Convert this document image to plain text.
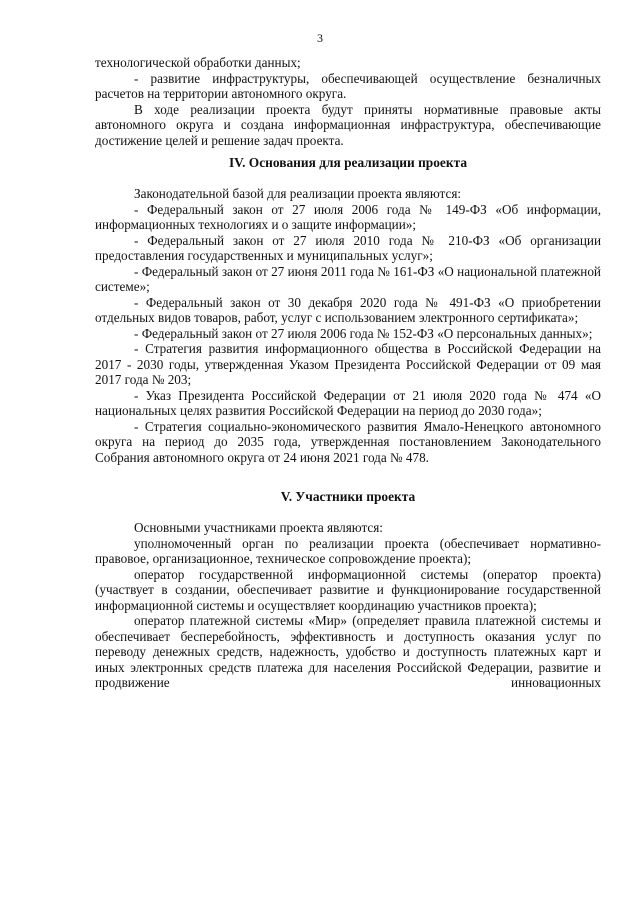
3

технологической обработки данных;

- развитие инфраструктуры, обеспечивающей осуществление безналичных расчетов на территории автономного округа.

В ходе реализации проекта будут приняты нормативные правовые акты автономного округа и создана информационная инфраструктура, обеспечивающие достижение целей и решение задач проекта.

IV. Основания для реализации проекта

Законодательной базой для реализации проекта являются:

- Федеральный закон от 27 июля 2006 года № 149-ФЗ «Об информации, информационных технологиях и о защите информации»;

- Федеральный закон от 27 июля 2010 года № 210-ФЗ «Об организации предоставления государственных и муниципальных услуг»;

- Федеральный закон от 27 июня 2011 года № 161-ФЗ «О национальной платежной системе»;

- Федеральный закон от 30 декабря 2020 года № 491-ФЗ «О приобретении отдельных видов товаров, работ, услуг с использованием электронного сертификата»;

- Федеральный закон от 27 июля 2006 года № 152-ФЗ «О персональных данных»;

- Стратегия развития информационного общества в Российской Федерации на 2017 - 2030 годы, утвержденная Указом Президента Российской Федерации от 09 мая 2017 года № 203;

- Указ Президента Российской Федерации от 21 июля 2020 года № 474 «О национальных целях развития Российской Федерации на период до 2030 года»;

- Стратегия социально-экономического развития Ямало-Ненецкого автономного округа на период до 2035 года, утвержденная постановлением Законодательного Собрания автономного округа от 24 июня 2021 года № 478.

V. Участники проекта

Основными участниками проекта являются:

уполномоченный орган по реализации проекта (обеспечивает нормативно-правовое, организационное, техническое сопровождение проекта);

оператор государственной информационной системы (оператор проекта) (участвует в создании, обеспечивает развитие и функционирование государственной информационной системы и осуществляет координацию участников проекта);

оператор платежной системы «Мир» (определяет правила платежной системы и обеспечивает бесперебойность, эффективность и доступность оказания услуг по переводу денежных средств, надежность, удобство и доступность платежных карт и иных электронных средств платежа для населения Российской Федерации, развитие и продвижение инновационных
